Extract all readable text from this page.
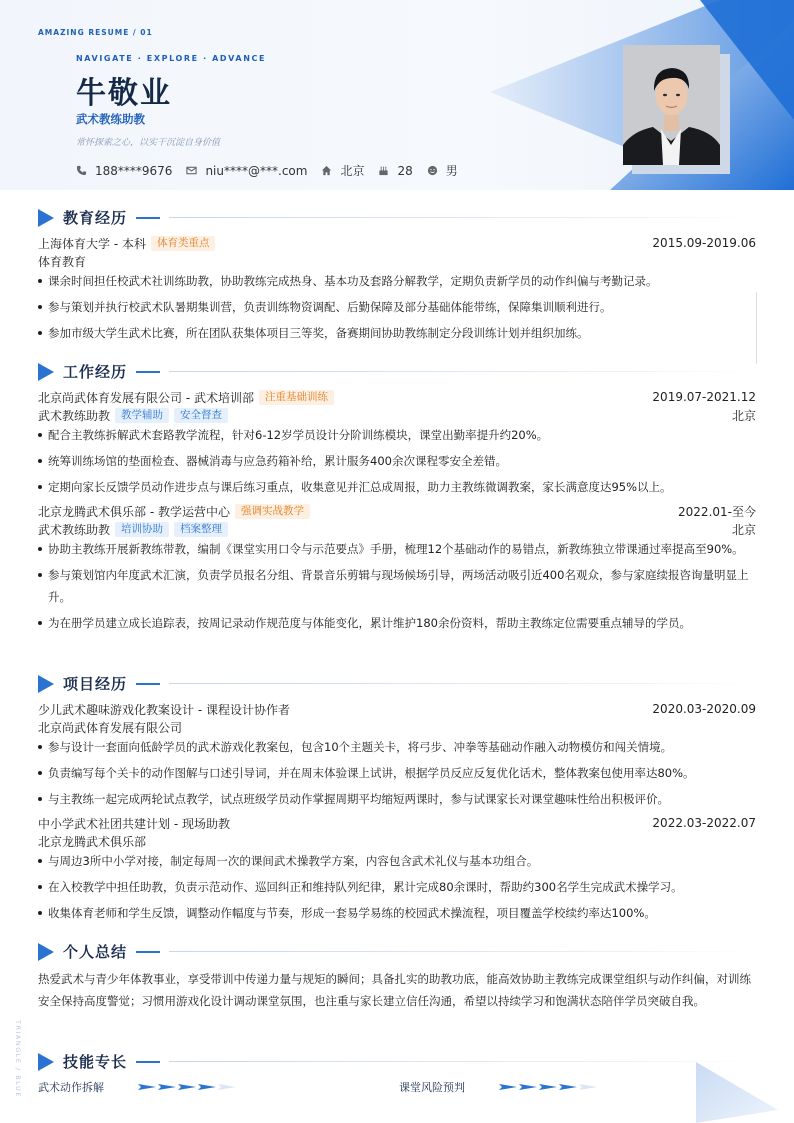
AMAZING RESUME / 01
NAVIGATE · EXPLORE · ADVANCE
牛敬业
武术教练助教
常怀探索之心，以实干沉淀自身价值
188****9676	niu****@***.com	北京	28	男
教育经历
上海体育大学 - 本科	体育类重点	2015.09-2019.06
体育教育
课余时间担任校武术社训练助教，协助教练完成热身、基本功及套路分解教学，定期负责新学员的动作纠偏与考勤记录。
参与策划并执行校武术队暑期集训营，负责训练物资调配、后勤保障及部分基础体能带练，保障集训顺利进行。
参加市级大学生武术比赛，所在团队获集体项目三等奖，备赛期间协助教练制定分段训练计划并组织加练。
工作经历
北京尚武体育发展有限公司 - 武术培训部	注重基础训练	2019.07-2021.12
武术教练助教	教学辅助	安全督查	北京
配合主教练拆解武术套路教学流程，针对6-12岁学员设计分阶训练模块，课堂出勤率提升约20%。
统筹训练场馆的垫面检查、器械消毒与应急药箱补给，累计服务400余次课程零安全差错。
定期向家长反馈学员动作进步点与课后练习重点，收集意见并汇总成周报，助力主教练微调教案，家长满意度达95%以上。
北京龙腾武术俱乐部 - 教学运营中心	强调实战教学	2022.01-至今
武术教练助教	培训协助	档案整理	北京
协助主教练开展新教练带教，编制《课堂实用口令与示范要点》手册，梳理12个基础动作的易错点，新教练独立带课通过率提高至90%。
参与策划馆内年度武术汇演，负责学员报名分组、背景音乐剪辑与现场候场引导，两场活动吸引近400名观众，参与家庭续报咨询量明显上升。
为在册学员建立成长追踪表，按周记录动作规范度与体能变化，累计维护180余份资料，帮助主教练定位需要重点辅导的学员。
项目经历
少儿武术趣味游戏化教案设计 - 课程设计协作者	2020.03-2020.09
北京尚武体育发展有限公司
参与设计一套面向低龄学员的武术游戏化教案包，包含10个主题关卡，将弓步、冲拳等基础动作融入动物模仿和闯关情境。
负责编写每个关卡的动作图解与口述引导词，并在周末体验课上试讲，根据学员反应反复优化话术，整体教案包使用率达80%。
与主教练一起完成两轮试点教学，试点班级学员动作掌握周期平均缩短两课时，参与试课家长对课堂趣味性给出积极评价。
中小学武术社团共建计划 - 现场助教	2022.03-2022.07
北京龙腾武术俱乐部
与周边3所中小学对接，制定每周一次的课间武术操教学方案，内容包含武术礼仪与基本功组合。
在入校教学中担任助教，负责示范动作、巡回纠正和维持队列纪律，累计完成80余课时，帮助约300名学生完成武术操学习。
收集体育老师和学生反馈，调整动作幅度与节奏，形成一套易学易练的校园武术操流程，项目覆盖学校续约率达100%。
个人总结
热爱武术与青少年体教事业，享受带训中传递力量与规矩的瞬间；具备扎实的助教功底，能高效协助主教练完成课堂组织与动作纠偏，对训练安全保持高度警觉；习惯用游戏化设计调动课堂氛围，也注重与家长建立信任沟通，希望以持续学习和饱满状态陪伴学员突破自我。
技能专长
武术动作拆解	课堂风险预判
TRIANGLE / BLUE
